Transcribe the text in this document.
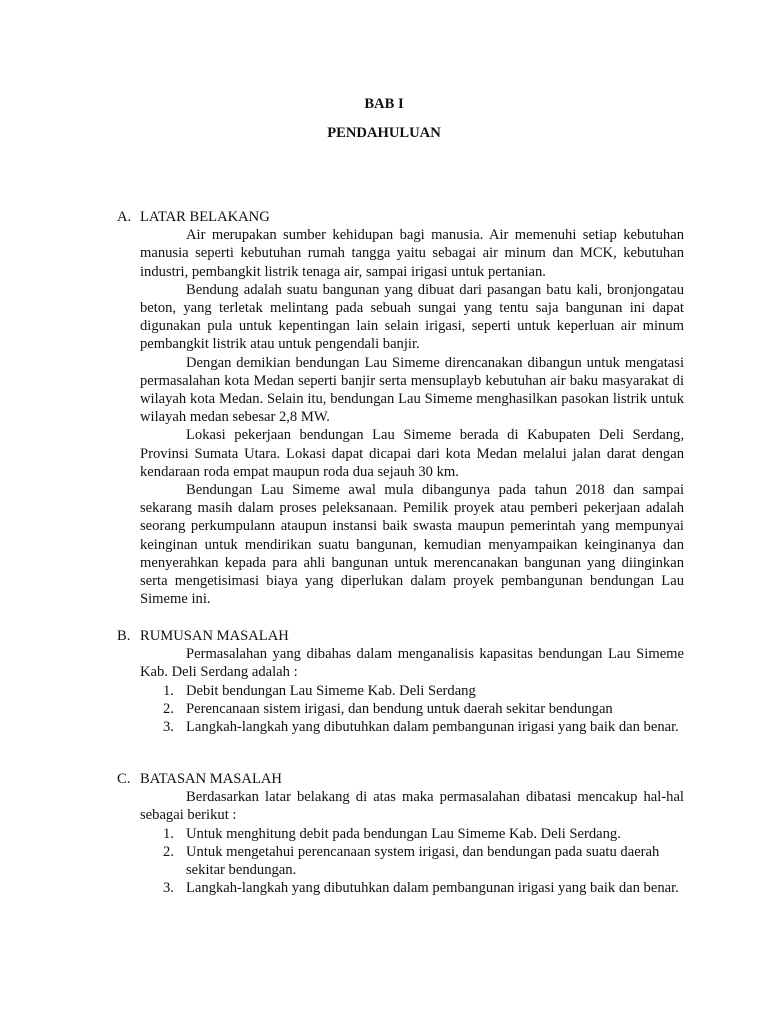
BAB I
PENDAHULUAN
A. LATAR BELAKANG

Air merupakan sumber kehidupan bagi manusia. Air memenuhi setiap kebutuhan manusia seperti kebutuhan rumah tangga yaitu sebagai air minum dan MCK, kebutuhan industri, pembangkit listrik tenaga air, sampai irigasi untuk pertanian.

Bendung adalah suatu bangunan yang dibuat dari pasangan batu kali, bronjongatau beton, yang terletak melintang pada sebuah sungai yang tentu saja bangunan ini dapat digunakan pula untuk kepentingan lain selain irigasi, seperti untuk keperluan air minum pembangkit listrik atau untuk pengendali banjir.

Dengan demikian bendungan Lau Simeme direncanakan dibangun untuk mengatasi permasalahan kota Medan seperti banjir serta mensuplayb kebutuhan air baku masyarakat di wilayah kota Medan. Selain itu, bendungan Lau Simeme menghasilkan pasokan listrik untuk wilayah medan sebesar 2,8 MW.

Lokasi pekerjaan bendungan Lau Simeme berada di Kabupaten Deli Serdang, Provinsi Sumata Utara. Lokasi dapat dicapai dari kota Medan melalui jalan darat dengan kendaraan roda empat maupun roda dua sejauh 30 km.

Bendungan Lau Simeme awal mula dibangunya pada tahun 2018 dan sampai sekarang masih dalam proses peleksanaan. Pemilik proyek atau pemberi pekerjaan adalah seorang perkumpulann ataupun instansi baik swasta maupun pemerintah yang mempunyai keinginan untuk mendirikan suatu bangunan, kemudian menyampaikan keinginanya dan menyerahkan kepada para ahli bangunan untuk merencanakan bangunan yang diinginkan serta mengetisimasi biaya yang diperlukan dalam proyek pembangunan bendungan Lau Simeme ini.

B. RUMUSAN MASALAH

Permasalahan yang dibahas dalam menganalisis kapasitas bendungan Lau Simeme Kab. Deli Serdang adalah :

1. Debit bendungan Lau Simeme Kab. Deli Serdang
2. Perencanaan sistem irigasi, dan bendung untuk daerah sekitar bendungan
3. Langkah-langkah yang dibutuhkan dalam pembangunan irigasi yang baik dan benar.
C. BATASAN MASALAH

Berdasarkan latar belakang di atas maka permasalahan dibatasi mencakup hal-hal sebagai berikut :

1. Untuk menghitung debit pada bendungan Lau Simeme Kab. Deli Serdang.
2. Untuk mengetahui perencanaan system irigasi, dan bendungan pada suatu daerah sekitar bendungan.
3. Langkah-langkah yang dibutuhkan dalam pembangunan irigasi yang baik dan benar.
